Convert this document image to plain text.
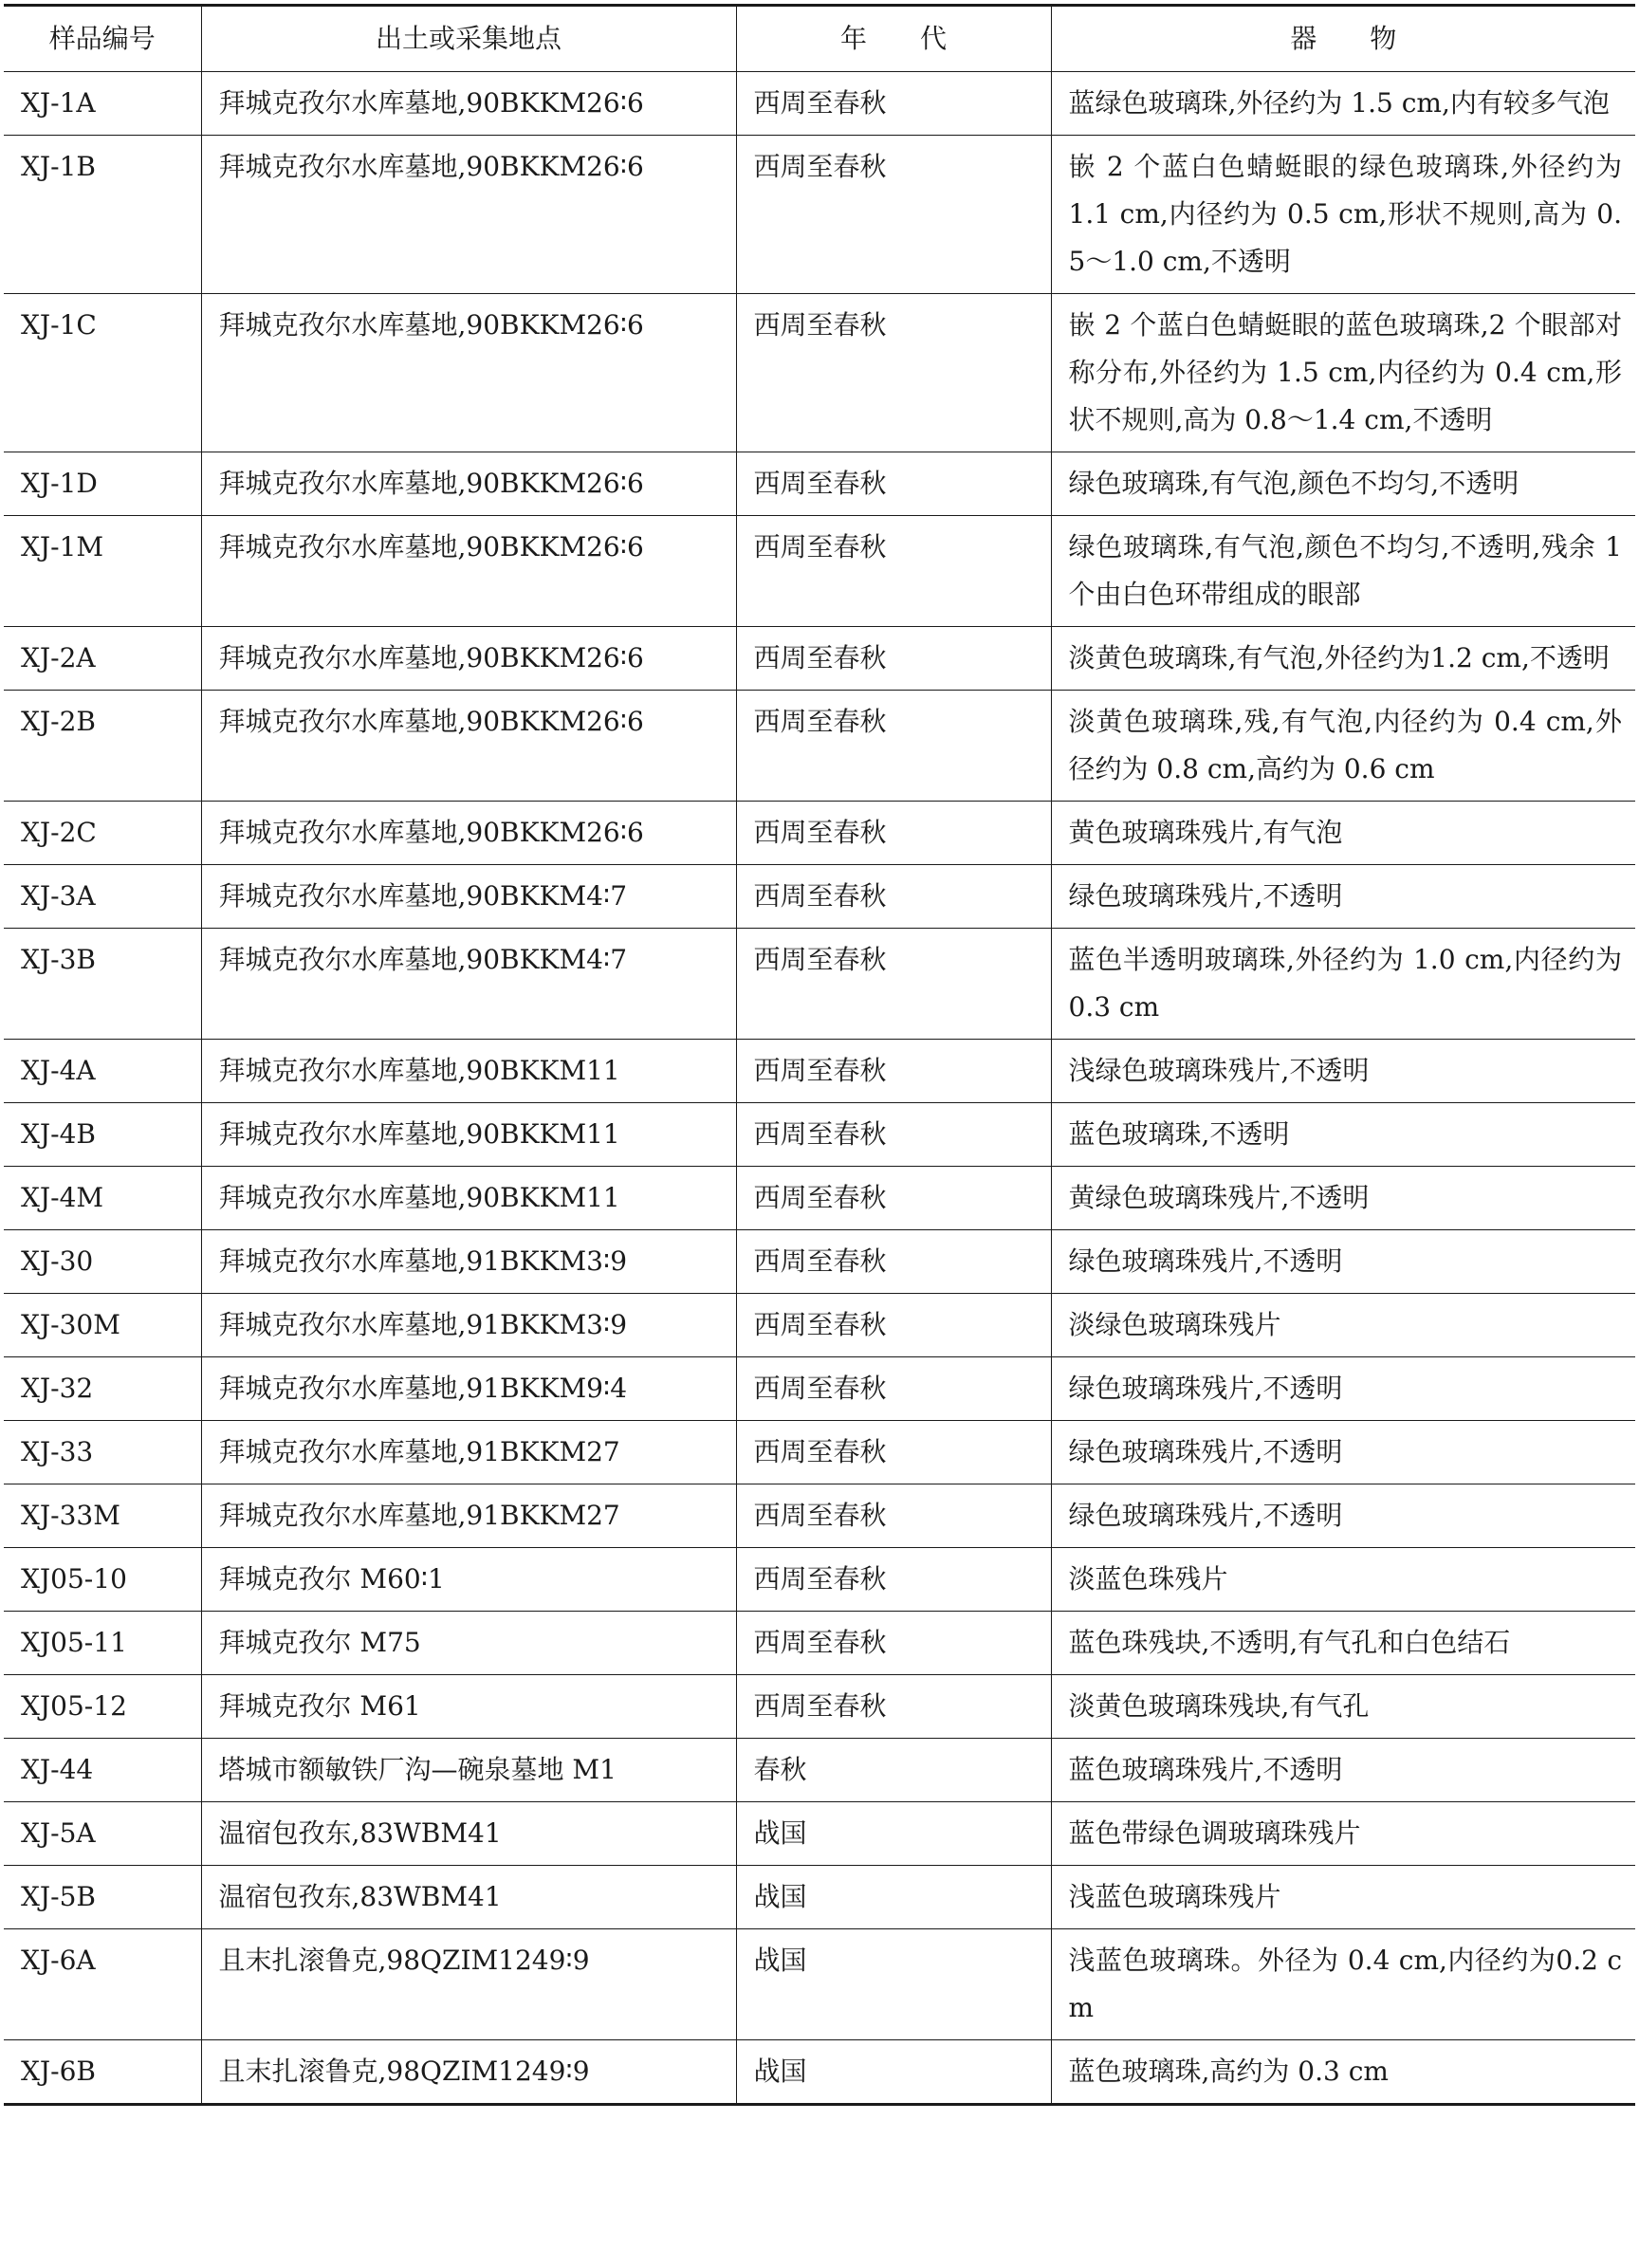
样品编号	出土或采集地点	年　　代	器　　物
XJ-1A	拜城克孜尔水库墓地,90BKKM26∶6	西周至春秋	蓝绿色玻璃珠,外径约为 1.5 cm,内有较多气泡
XJ-1B	拜城克孜尔水库墓地,90BKKM26∶6	西周至春秋	嵌 2 个蓝白色蜻蜓眼的绿色玻璃珠,外径约为 1.1 cm,内径约为 0.5 cm,形状不规则,高为 0.5～1.0 cm,不透明
XJ-1C	拜城克孜尔水库墓地,90BKKM26∶6	西周至春秋	嵌 2 个蓝白色蜻蜓眼的蓝色玻璃珠,2 个眼部对称分布,外径约为 1.5 cm,内径约为 0.4 cm,形状不规则,高为 0.8～1.4 cm,不透明
XJ-1D	拜城克孜尔水库墓地,90BKKM26∶6	西周至春秋	绿色玻璃珠,有气泡,颜色不均匀,不透明
XJ-1M	拜城克孜尔水库墓地,90BKKM26∶6	西周至春秋	绿色玻璃珠,有气泡,颜色不均匀,不透明,残余 1 个由白色环带组成的眼部
XJ-2A	拜城克孜尔水库墓地,90BKKM26∶6	西周至春秋	淡黄色玻璃珠,有气泡,外径约为1.2 cm,不透明
XJ-2B	拜城克孜尔水库墓地,90BKKM26∶6	西周至春秋	淡黄色玻璃珠,残,有气泡,内径约为 0.4 cm,外径约为 0.8 cm,高约为 0.6 cm
XJ-2C	拜城克孜尔水库墓地,90BKKM26∶6	西周至春秋	黄色玻璃珠残片,有气泡
XJ-3A	拜城克孜尔水库墓地,90BKKM4∶7	西周至春秋	绿色玻璃珠残片,不透明
XJ-3B	拜城克孜尔水库墓地,90BKKM4∶7	西周至春秋	蓝色半透明玻璃珠,外径约为 1.0 cm,内径约为 0.3 cm
XJ-4A	拜城克孜尔水库墓地,90BKKM11	西周至春秋	浅绿色玻璃珠残片,不透明
XJ-4B	拜城克孜尔水库墓地,90BKKM11	西周至春秋	蓝色玻璃珠,不透明
XJ-4M	拜城克孜尔水库墓地,90BKKM11	西周至春秋	黄绿色玻璃珠残片,不透明
XJ-30	拜城克孜尔水库墓地,91BKKM3∶9	西周至春秋	绿色玻璃珠残片,不透明
XJ-30M	拜城克孜尔水库墓地,91BKKM3∶9	西周至春秋	淡绿色玻璃珠残片
XJ-32	拜城克孜尔水库墓地,91BKKM9∶4	西周至春秋	绿色玻璃珠残片,不透明
XJ-33	拜城克孜尔水库墓地,91BKKM27	西周至春秋	绿色玻璃珠残片,不透明
XJ-33M	拜城克孜尔水库墓地,91BKKM27	西周至春秋	绿色玻璃珠残片,不透明
XJ05-10	拜城克孜尔 M60∶1	西周至春秋	淡蓝色珠残片
XJ05-11	拜城克孜尔 M75	西周至春秋	蓝色珠残块,不透明,有气孔和白色结石
XJ05-12	拜城克孜尔 M61	西周至春秋	淡黄色玻璃珠残块,有气孔
XJ-44	塔城市额敏铁厂沟—碗泉墓地 M1	春秋	蓝色玻璃珠残片,不透明
XJ-5A	温宿包孜东,83WBM41	战国	蓝色带绿色调玻璃珠残片
XJ-5B	温宿包孜东,83WBM41	战国	浅蓝色玻璃珠残片
XJ-6A	且末扎滚鲁克,98QZIM1249∶9	战国	浅蓝色玻璃珠。外径为 0.4 cm,内径约为0.2 cm
XJ-6B	且末扎滚鲁克,98QZIM1249∶9	战国	蓝色玻璃珠,高约为 0.3 cm
